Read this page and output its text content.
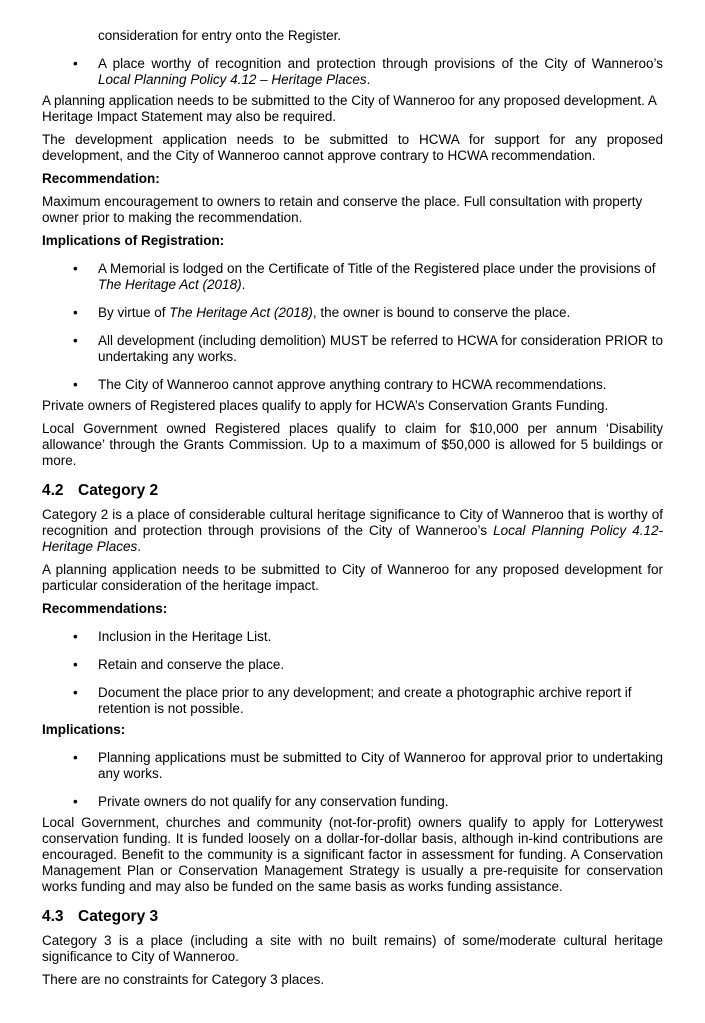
consideration for entry onto the Register.
• A place worthy of recognition and protection through provisions of the City of Wanneroo’s Local Planning Policy 4.12 – Heritage Places.

A planning application needs to be submitted to the City of Wanneroo for any proposed development. A Heritage Impact Statement may also be required.

The development application needs to be submitted to HCWA for support for any proposed development, and the City of Wanneroo cannot approve contrary to HCWA recommendation.

Recommendation:

Maximum encouragement to owners to retain and conserve the place. Full consultation with property owner prior to making the recommendation.

Implications of Registration:

• A Memorial is lodged on the Certificate of Title of the Registered place under the provisions of The Heritage Act (2018).
• By virtue of The Heritage Act (2018), the owner is bound to conserve the place.
• All development (including demolition) MUST be referred to HCWA for consideration PRIOR to undertaking any works.
• The City of Wanneroo cannot approve anything contrary to HCWA recommendations.

Private owners of Registered places qualify to apply for HCWA’s Conservation Grants Funding.

Local Government owned Registered places qualify to claim for $10,000 per annum ‘Disability allowance’ through the Grants Commission. Up to a maximum of $50,000 is allowed for 5 buildings or more.

4.2 Category 2

Category 2 is a place of considerable cultural heritage significance to City of Wanneroo that is worthy of recognition and protection through provisions of the City of Wanneroo’s Local Planning Policy 4.12-Heritage Places.

A planning application needs to be submitted to City of Wanneroo for any proposed development for particular consideration of the heritage impact.

Recommendations:

• Inclusion in the Heritage List.
• Retain and conserve the place.
• Document the place prior to any development; and create a photographic archive report if retention is not possible.

Implications:

• Planning applications must be submitted to City of Wanneroo for approval prior to undertaking any works.
• Private owners do not qualify for any conservation funding.

Local Government, churches and community (not-for-profit) owners qualify to apply for Lotterywest conservation funding. It is funded loosely on a dollar-for-dollar basis, although in-kind contributions are encouraged. Benefit to the community is a significant factor in assessment for funding. A Conservation Management Plan or Conservation Management Strategy is usually a pre-requisite for conservation works funding and may also be funded on the same basis as works funding assistance.

4.3 Category 3

Category 3 is a place (including a site with no built remains) of some/moderate cultural heritage significance to City of Wanneroo.

There are no constraints for Category 3 places.
